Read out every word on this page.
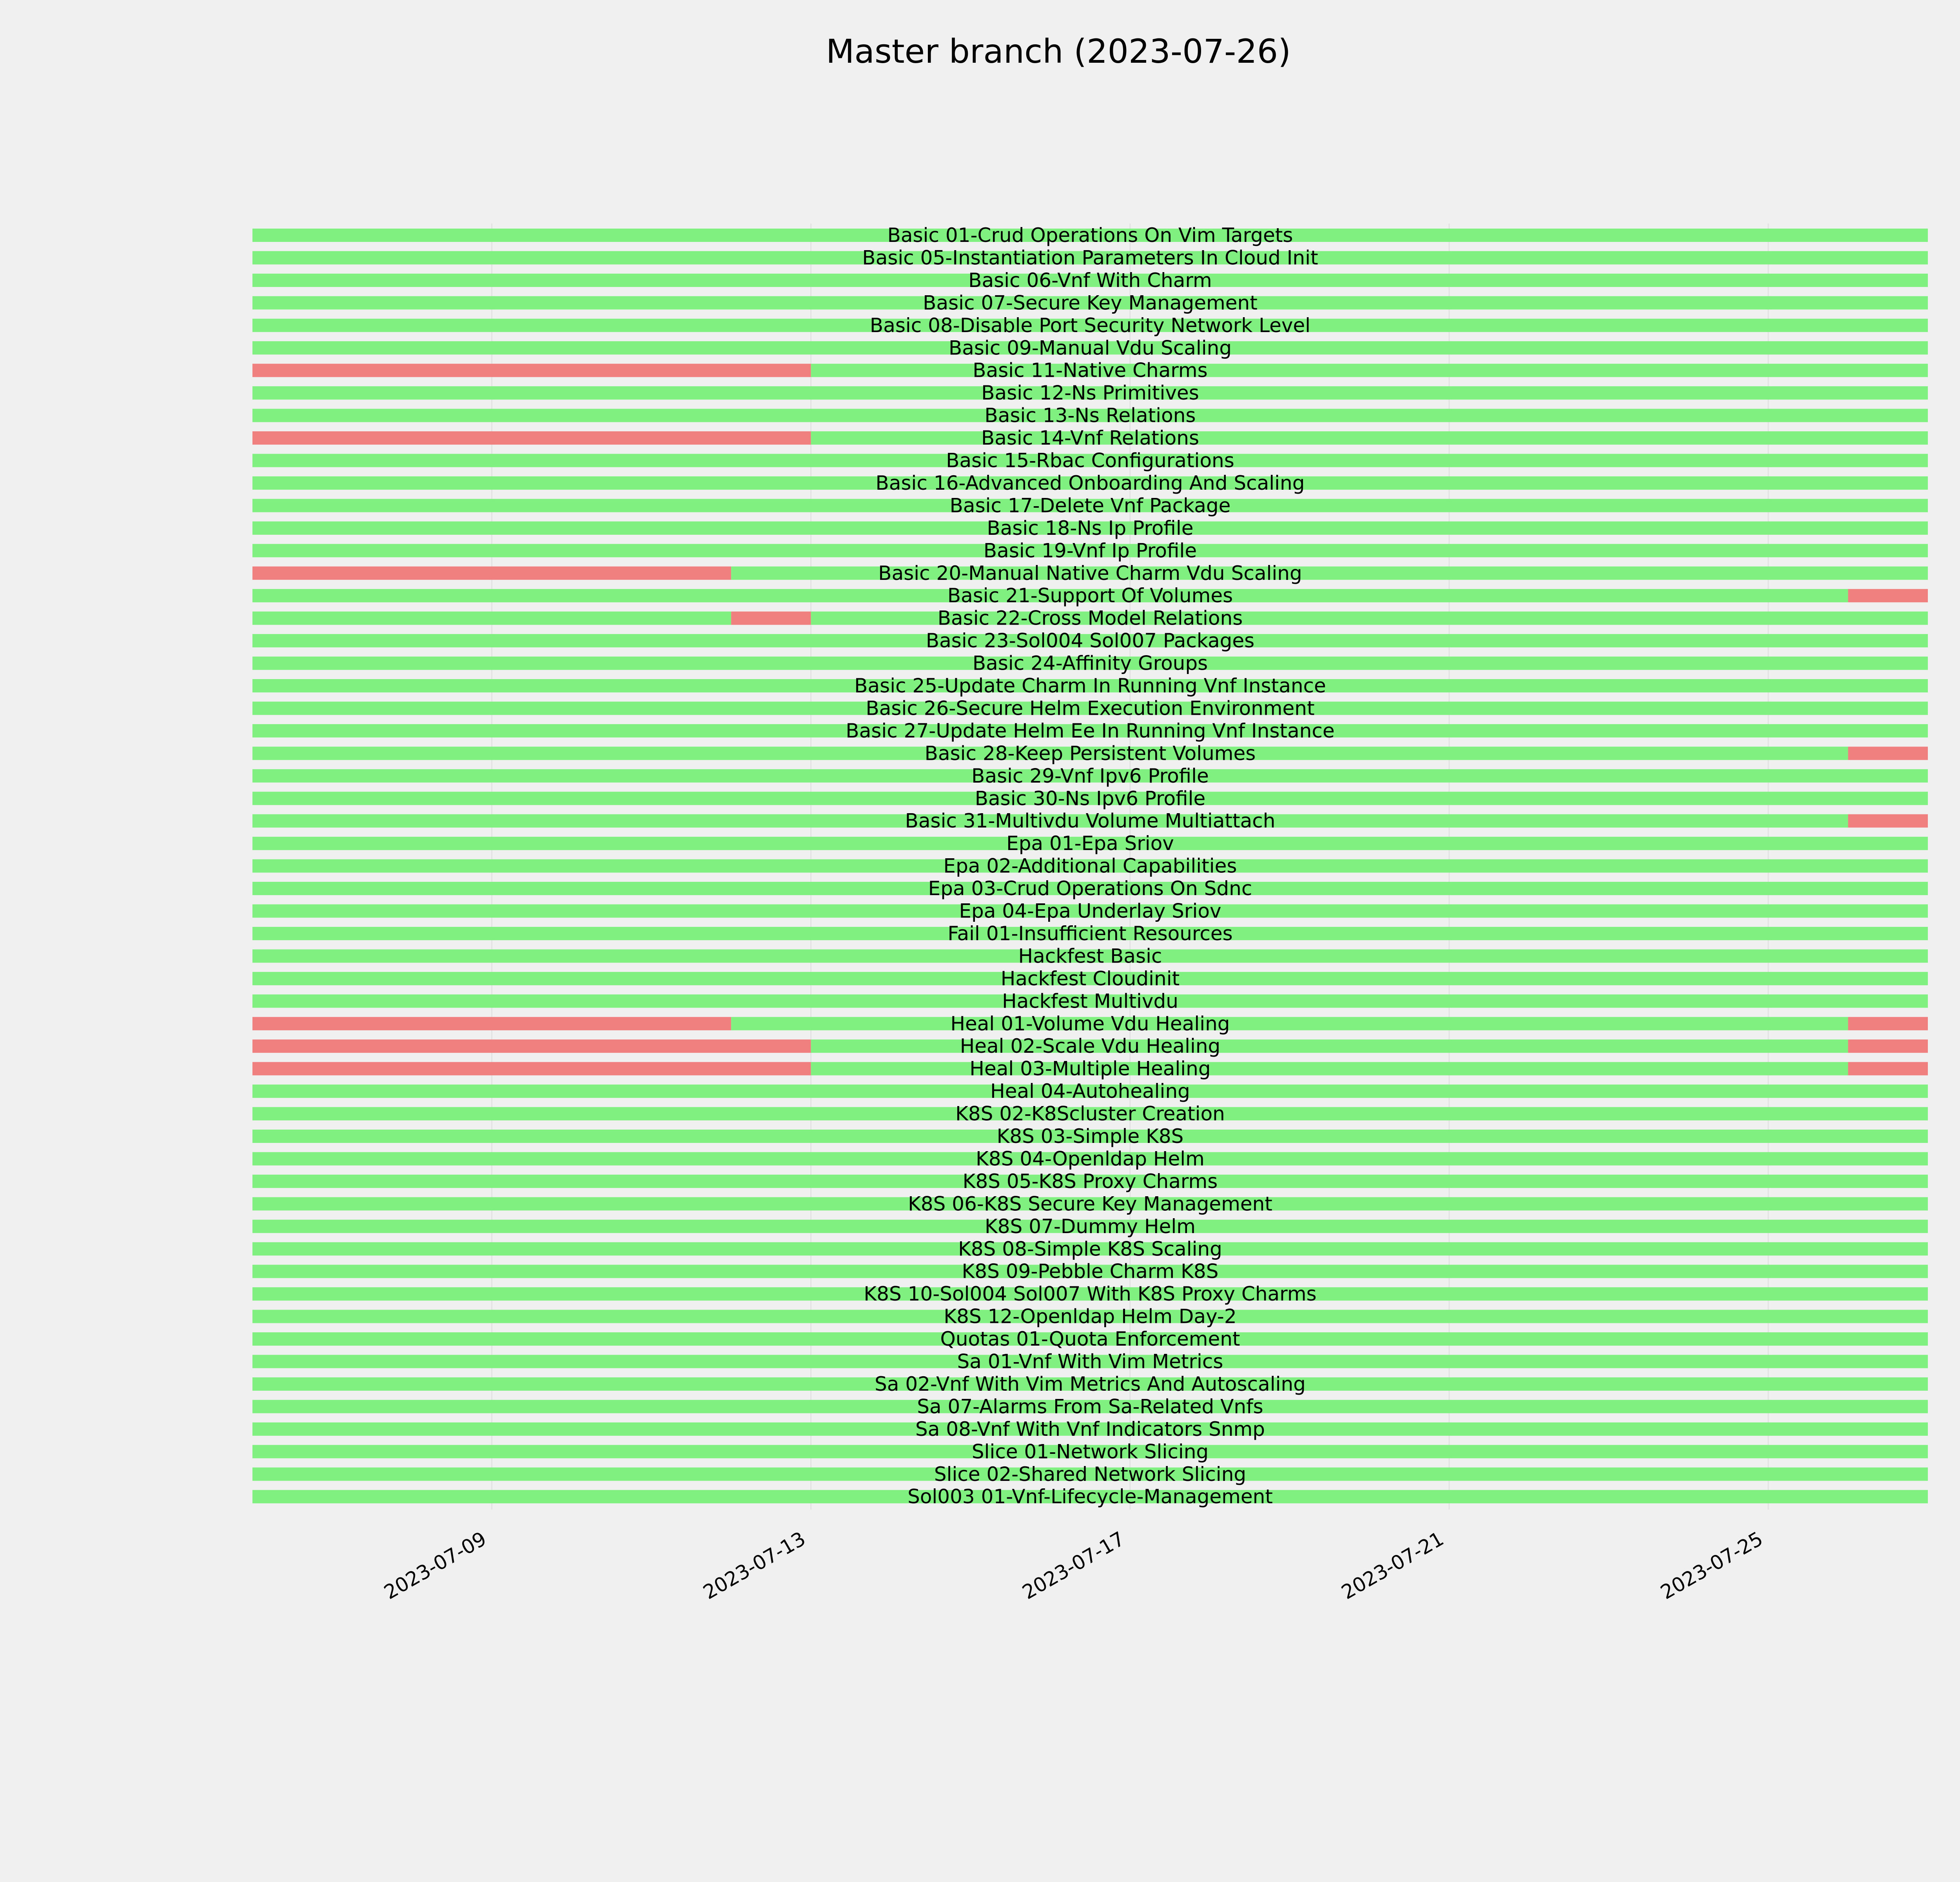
Basic 01-Crud Operations On Vim Targets
Basic 05-Instantiation Parameters In Cloud Init
Basic 06-Vnf With Charm
Basic 07-Secure Key Management
Basic 08-Disable Port Security Network Level
Basic 09-Manual Vdu Scaling
Basic 11-Native Charms
Basic 12-Ns Primitives
Basic 13-Ns Relations
Basic 14-Vnf Relations
Basic 15-Rbac Configurations
Basic 16-Advanced Onboarding And Scaling
Basic 17-Delete Vnf Package
Basic 18-Ns Ip Profile
Basic 19-Vnf Ip Profile
Basic 20-Manual Native Charm Vdu Scaling
Basic 21-Support Of Volumes
Basic 22-Cross Model Relations
Basic 23-Sol004 Sol007 Packages
Basic 24-Affinity Groups
Basic 25-Update Charm In Running Vnf Instance
Basic 26-Secure Helm Execution Environment
Basic 27-Update Helm Ee In Running Vnf Instance
Basic 28-Keep Persistent Volumes
Basic 29-Vnf Ipv6 Profile
Basic 30-Ns Ipv6 Profile
Basic 31-Multivdu Volume Multiattach
Epa 01-Epa Sriov
Epa 02-Additional Capabilities
Epa 03-Crud Operations On Sdnc
Epa 04-Epa Underlay Sriov
Fail 01-Insufficient Resources
Hackfest Basic
Hackfest Cloudinit
Hackfest Multivdu
Heal 01-Volume Vdu Healing
Heal 02-Scale Vdu Healing
Heal 03-Multiple Healing
Heal 04-Autohealing
K8S 02-K8Scluster Creation
K8S 03-Simple K8S
K8S 04-Openldap Helm
K8S 05-K8S Proxy Charms
K8S 06-K8S Secure Key Management
K8S 07-Dummy Helm
K8S 08-Simple K8S Scaling
K8S 09-Pebble Charm K8S
K8S 10-Sol004 Sol007 With K8S Proxy Charms
K8S 12-Openldap Helm Day-2
Quotas 01-Quota Enforcement
Sa 01-Vnf With Vim Metrics
Sa 02-Vnf With Vim Metrics And Autoscaling
Sa 07-Alarms From Sa-Related Vnfs
Sa 08-Vnf With Vnf Indicators Snmp
Slice 01-Network Slicing
Slice 02-Shared Network Slicing
Sol003 01-Vnf-Lifecycle-Management
2023-07-09	2023-07-13	2023-07-17	2023-07-21	2023-07-25
Master branch (2023-07-26)
